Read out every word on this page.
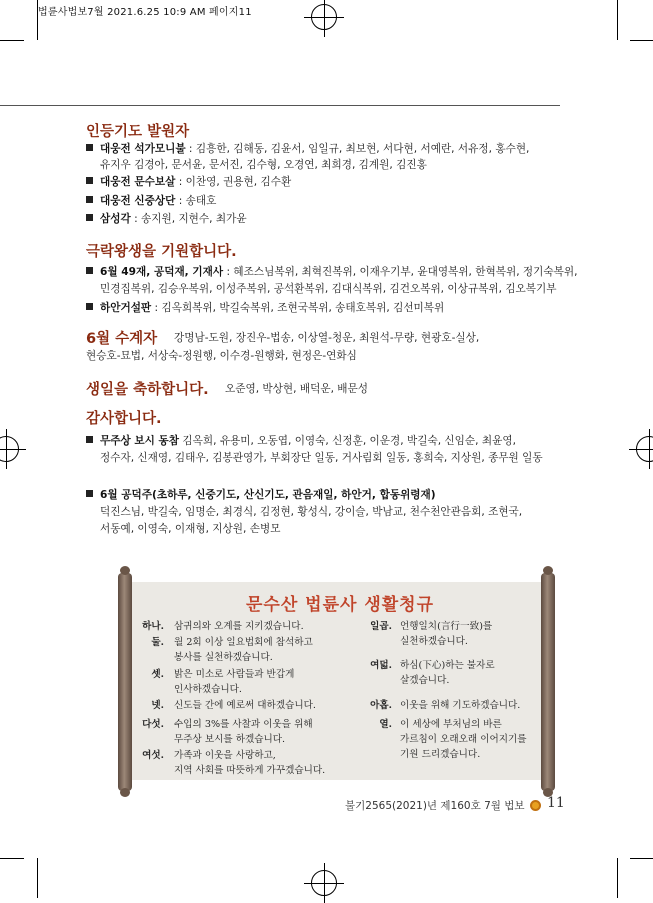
법륜사법보7월 2021.6.25 10:9 AM 페이지11
인등기도 발원자
대웅전 석가모니불 : 김흥한, 김해동, 김윤서, 임일규, 최보현, 서다현, 서예란, 서유정, 홍수현,
유지우 김경아, 문서윤, 문서진, 김수형, 오경연, 최희경, 김계원, 김진홍
대웅전 문수보살 : 이찬영, 권용현, 김수환
대웅전 신중상단 : 송태호
삼성각 : 송지원, 지현수, 최가윤
극락왕생을 기원합니다.
6월 49재, 공덕재, 기재사 : 혜조스님복위, 최혁진복위, 이재우기부, 윤대영복위, 한혁복위, 정기숙복위,
민경집복위, 김승우복위, 이성주복위, 공석환복위, 김대식복위, 김건오복위, 이상규복위, 김오복기부
하안거설판 : 김옥희복위, 박길숙복위, 조현국복위, 송태호복위, 김선미복위
6월 수계자 강명남-도원, 장진우-법송, 이상열-청운, 최원석-무량, 현광호-실상,
현승호-묘법, 서상숙-정원행, 이수경-원행화, 현정은-연화심
생일을 축하합니다. 오준영, 박상현, 배덕운, 배문성
감사합니다.
무주상 보시 동참 김옥희, 유용미, 오동엽, 이영숙, 신정훈, 이운경, 박길숙, 신임순, 최윤영,
정수자, 신재영, 김태우, 김봉관영가, 부회장단 일동, 거사림회 일동, 홍희숙, 지상원, 종무원 일동
6월 공덕주(초하루, 신중기도, 산신기도, 관음재일, 하안거, 합동위령재)
덕진스님, 박길숙, 임명순, 최경식, 김정현, 황성식, 강이슬, 박남교, 천수천안관음회, 조현국,
서동예, 이영숙, 이재형, 지상원, 손병모
문수산 법륜사 생활청규
하나. 삼귀의와 오계를 지키겠습니다.
둘. 월 2회 이상 일요법회에 참석하고
봉사를 실천하겠습니다.
셋. 밝은 미소로 사람들과 반갑게
인사하겠습니다.
넷. 신도들 간에 예로써 대하겠습니다.
다섯. 수입의 3%를 사찰과 이웃을 위해
무주상 보시를 하겠습니다.
여섯. 가족과 이웃을 사랑하고,
지역 사회를 따뜻하게 가꾸겠습니다.
일곱. 언행일치(言行一致)를
실천하겠습니다.
여덟. 하심(下心)하는 불자로
살겠습니다.
아홉. 이웃을 위해 기도하겠습니다.
열. 이 세상에 부처님의 바른
가르침이 오래오래 이어지기를
기원 드리겠습니다.
불기2565(2021)년 제160호 7월 법보 11
